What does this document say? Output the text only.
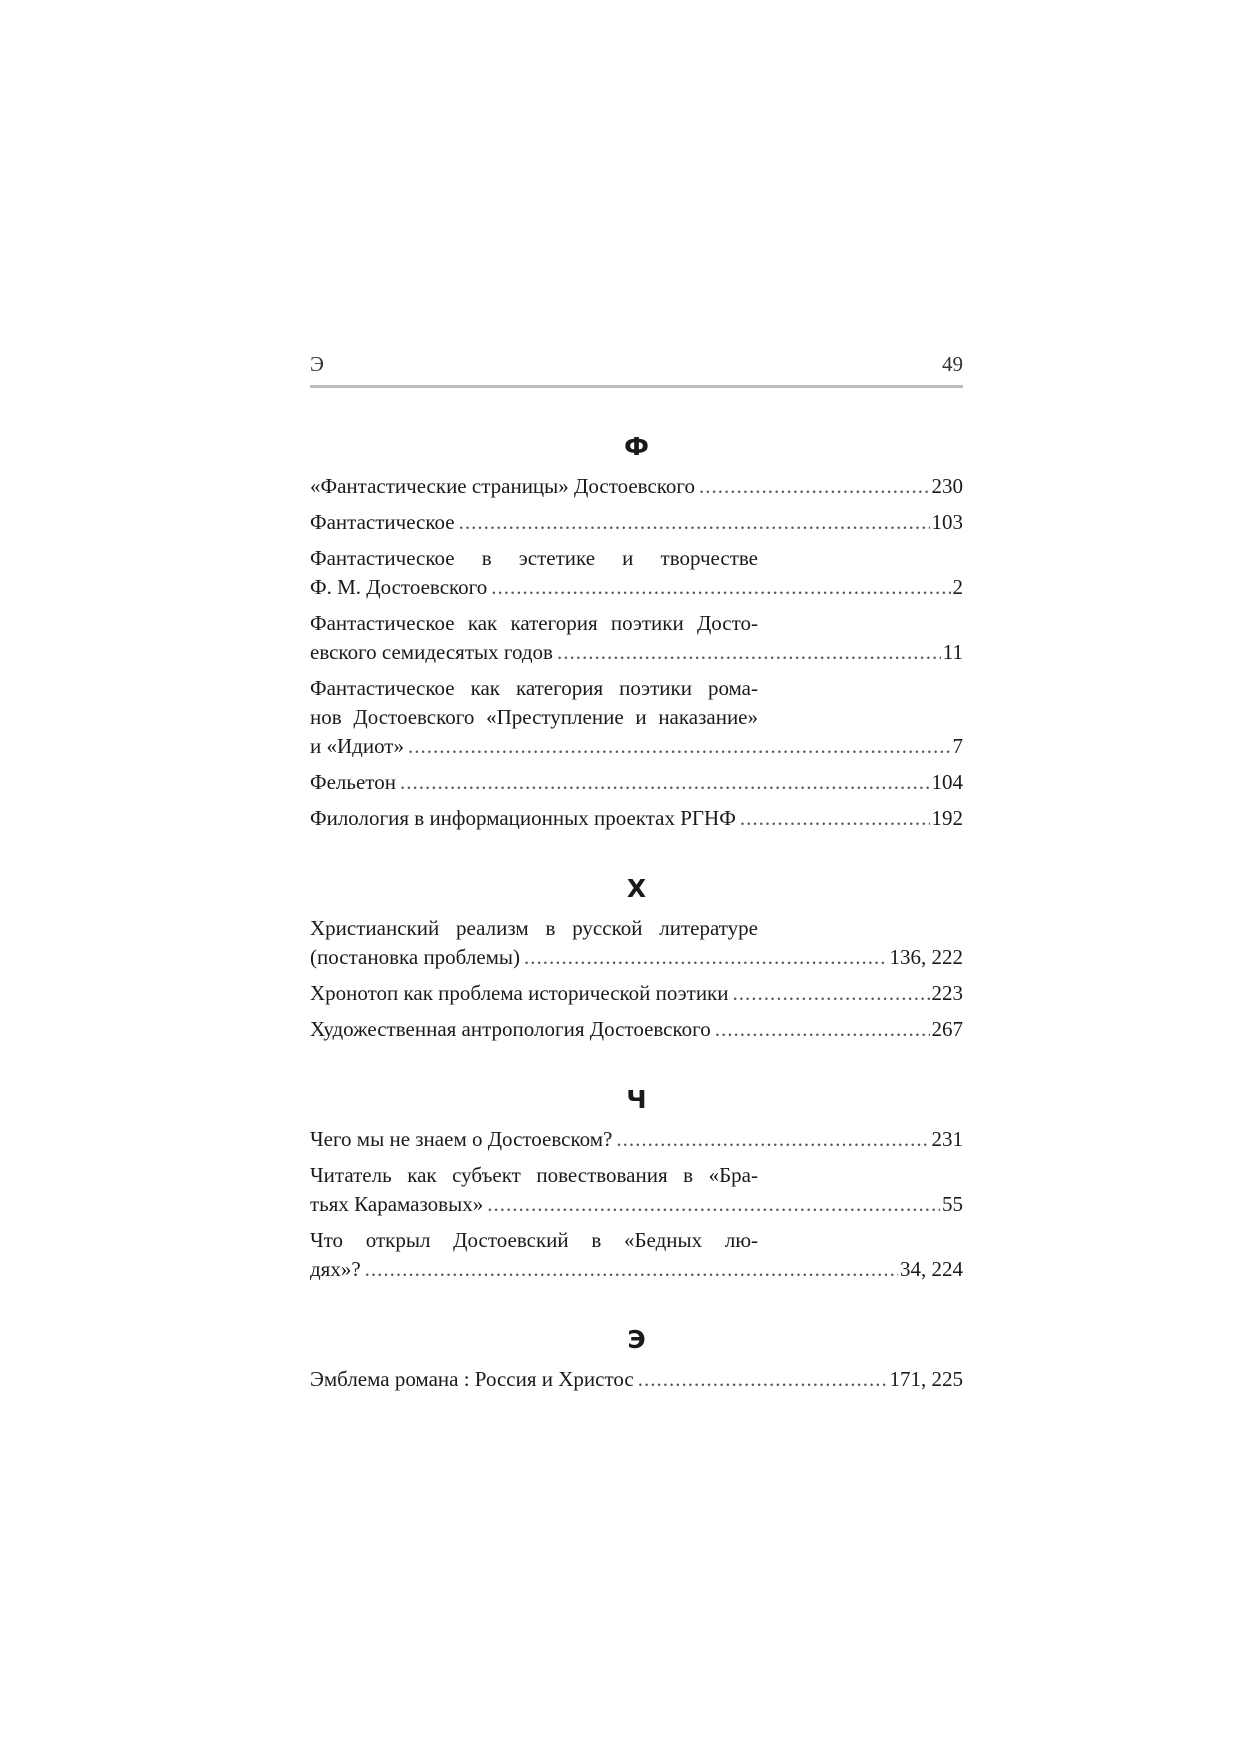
Э	49
Ф
«Фантастические страницы» Достоевского .....	230
Фантастическое .....	103
Фантастическое в эстетике и творчестве
Ф. М. Достоевского .....	2
Фантастическое как категория поэтики Досто-
евского семидесятых годов .....	11
Фантастическое как категория поэтики рома-
нов Достоевского «Преступление и наказание»
и «Идиот» .....	7
Фельетон .....	104
Филология в информационных проектах РГНФ .....	192
Х
Христианский реализм в русской литературе
(постановка проблемы) .....	136, 222
Хронотоп как проблема исторической поэтики .....	223
Художественная антропология Достоевского .....	267
Ч
Чего мы не знаем о Достоевском? .....	231
Читатель как субъект повествования в «Бра-
тьях Карамазовых» .....	55
Что открыл Достоевский в «Бедных лю-
дях»? .....	34, 224
Э
Эмблема романа : Россия и Христос .....	171, 225
